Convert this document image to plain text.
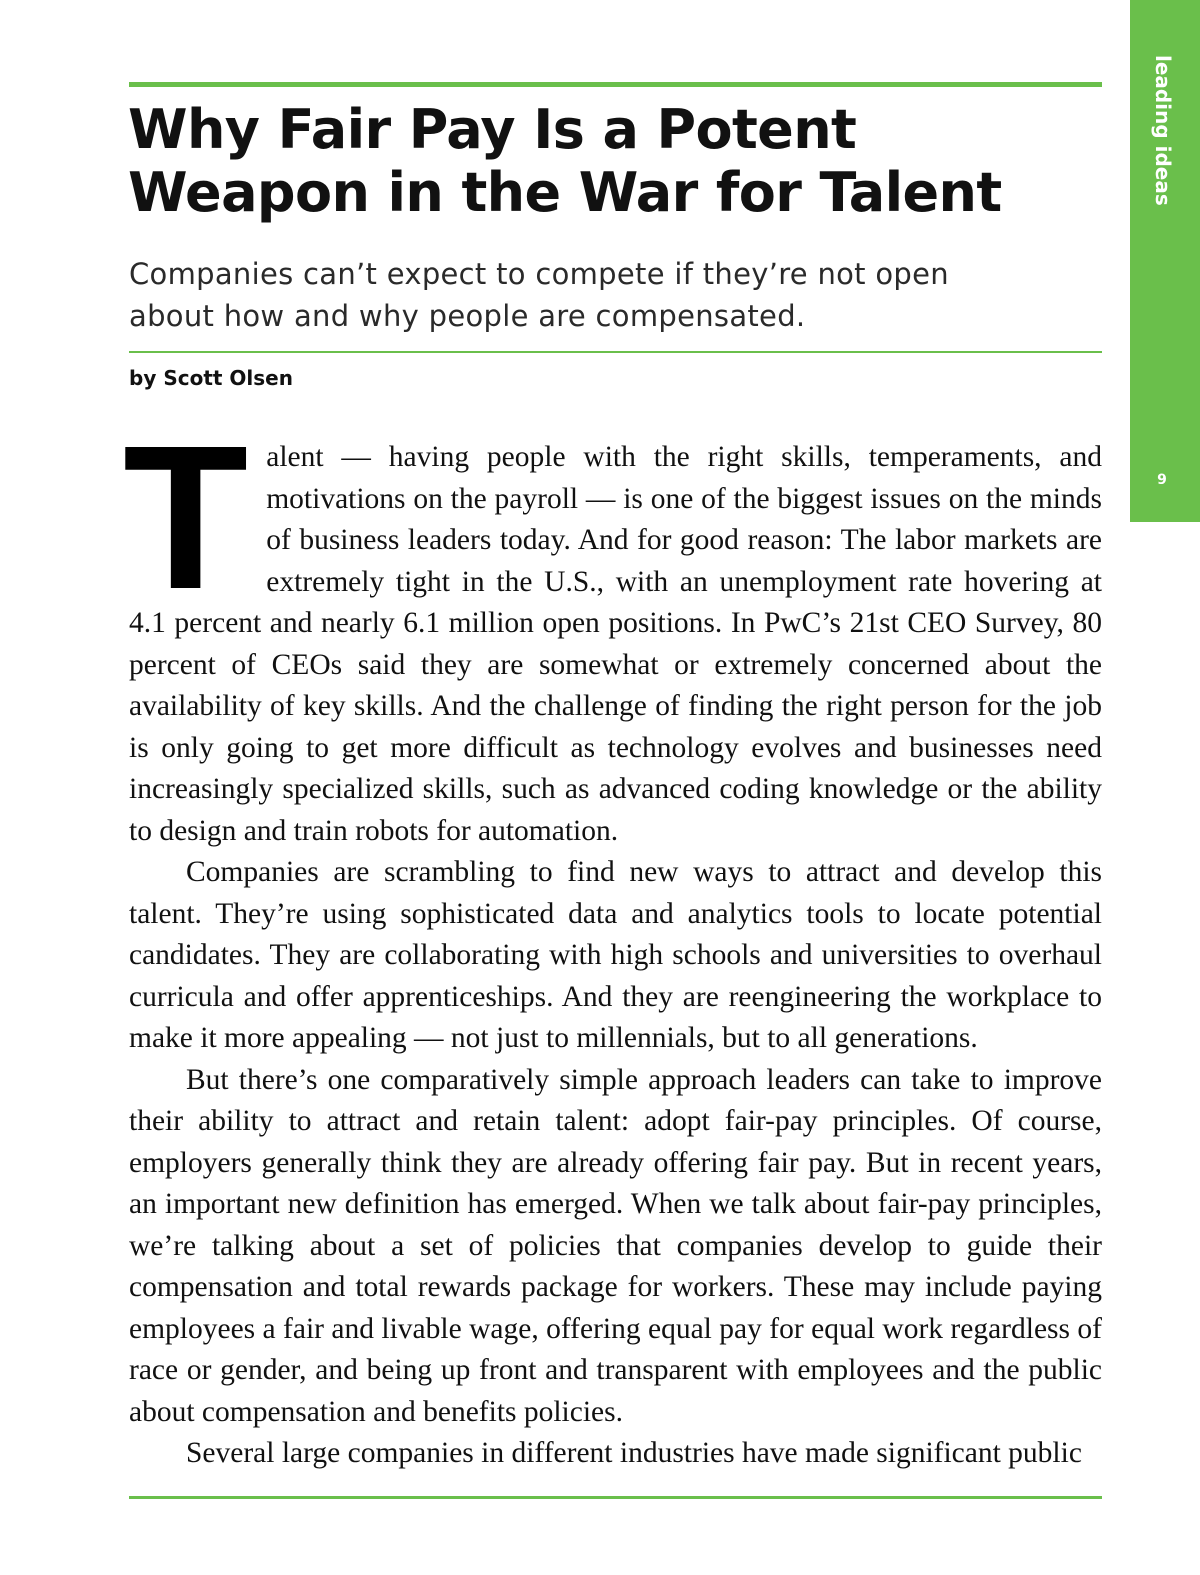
Why Fair Pay Is a Potent Weapon in the War for Talent

Companies can’t expect to compete if they’re not open about how and why people are compensated.

by Scott Olsen

Talent — having people with the right skills, temperaments, and motivations on the payroll — is one of the biggest issues on the minds of business leaders today. And for good reason: The labor markets are extremely tight in the U.S., with an unemployment rate hovering at 4.1 percent and nearly 6.1 million open positions. In PwC’s 21st CEO Survey, 80 percent of CEOs said they are somewhat or extremely concerned about the availability of key skills. And the challenge of finding the right person for the job is only going to get more difficult as technology evolves and businesses need increasingly specialized skills, such as advanced coding knowledge or the ability to design and train robots for automation.

Companies are scrambling to find new ways to attract and develop this talent. They’re using sophisticated data and analytics tools to locate potential candidates. They are collaborating with high schools and universities to overhaul curricula and offer apprenticeships. And they are reengineering the workplace to make it more appealing — not just to millennials, but to all generations.

But there’s one comparatively simple approach leaders can take to improve their ability to attract and retain talent: adopt fair-pay principles. Of course, employers generally think they are already offering fair pay. But in recent years, an important new definition has emerged. When we talk about fair-pay principles, we’re talking about a set of policies that companies develop to guide their compensation and total rewards package for workers. These may include paying employees a fair and livable wage, offering equal pay for equal work regardless of race or gender, and being up front and transparent with employees and the public about compensation and benefits policies.

Several large companies in different industries have made significant public

leading ideas
9
